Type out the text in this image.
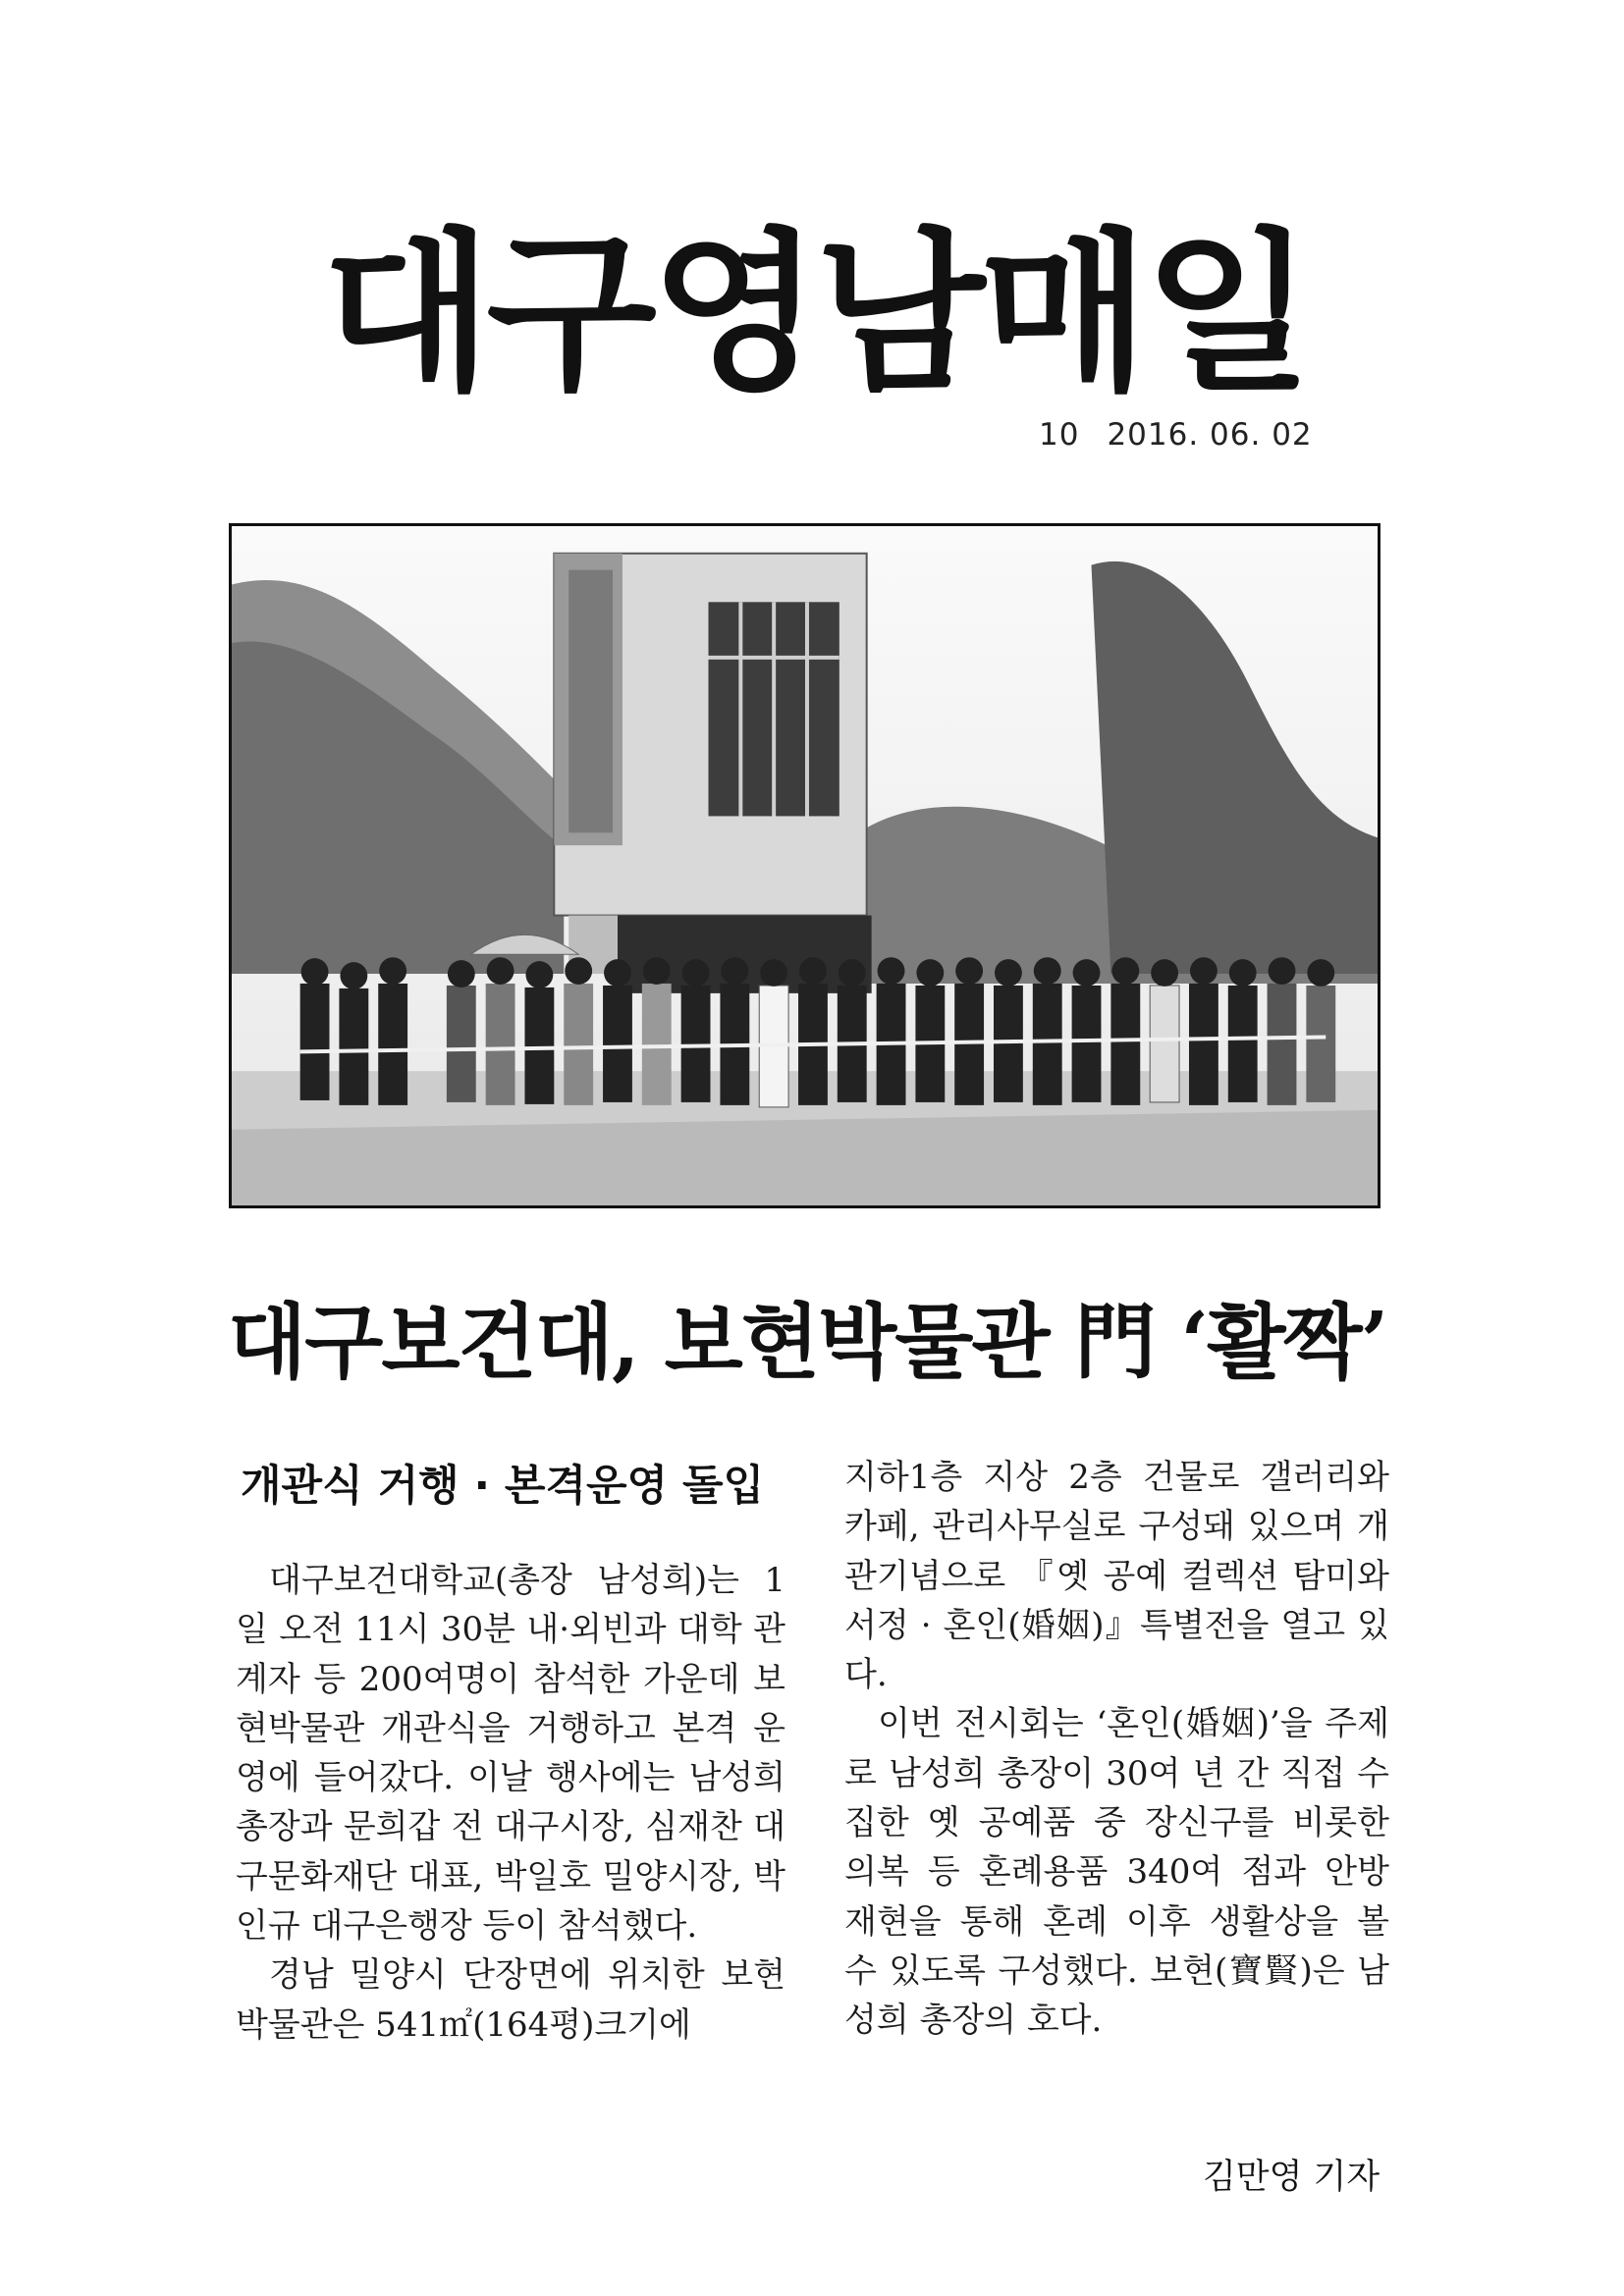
대구영남매일
10 2016. 06. 02
대구보건대, 보현박물관 門 ‘활짝’
개관식 거행 · 본격운영 돌입

대구보건대학교(총장 남성희)는 1일 오전 11시 30분 내·외빈과 대학 관계자 등 200여명이 참석한 가운데 보현박물관 개관식을 거행하고 본격 운영에 들어갔다. 이날 행사에는 남성희 총장과 문희갑 전 대구시장, 심재찬 대구문화재단 대표, 박일호 밀양시장, 박인규 대구은행장 등이 참석했다.

경남 밀양시 단장면에 위치한 보현박물관은 541㎡(164평)크기에

지하1층 지상 2층 건물로 갤러리와 카페, 관리사무실로 구성돼 있으며 개관기념으로 『옛 공예 컬렉션 탐미와 서정 · 혼인(婚姻)』특별전을 열고 있다.

이번 전시회는 ‘혼인(婚姻)’을 주제로 남성희 총장이 30여 년 간 직접 수집한 옛 공예품 중 장신구를 비롯한 의복 등 혼례용품 340여 점과 안방 재현을 통해 혼례 이후 생활상을 볼 수 있도록 구성했다. 보현(寶賢)은 남성희 총장의 호다.

김만영 기자
